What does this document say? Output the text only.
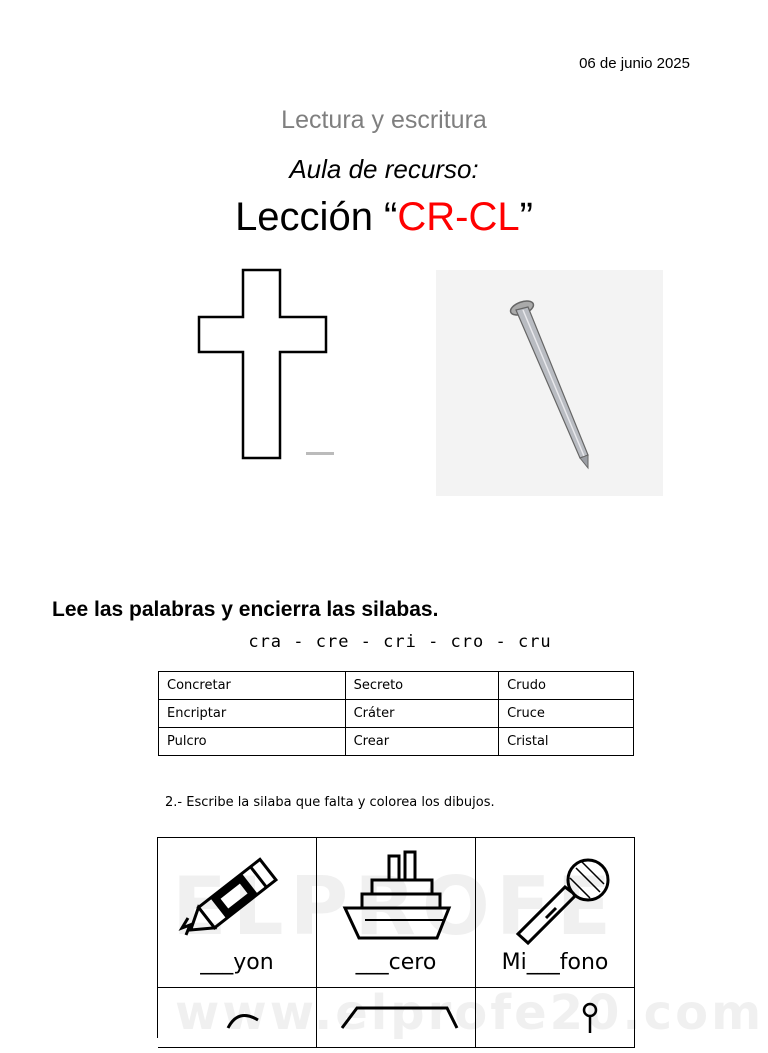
06 de junio 2025
Lectura y escritura
Aula de recurso:
Lección “CR-CL”
Lee las palabras y encierra las silabas.
cra - cre - cri - cro - cru
Concretar	Secreto	Crudo
Encriptar	Cráter	Cruce
Pulcro	Crear	Cristal
2.- Escribe la silaba que falta y colorea los dibujos.
___yon	___cero	Mi___fono
www.elprofe20.com
